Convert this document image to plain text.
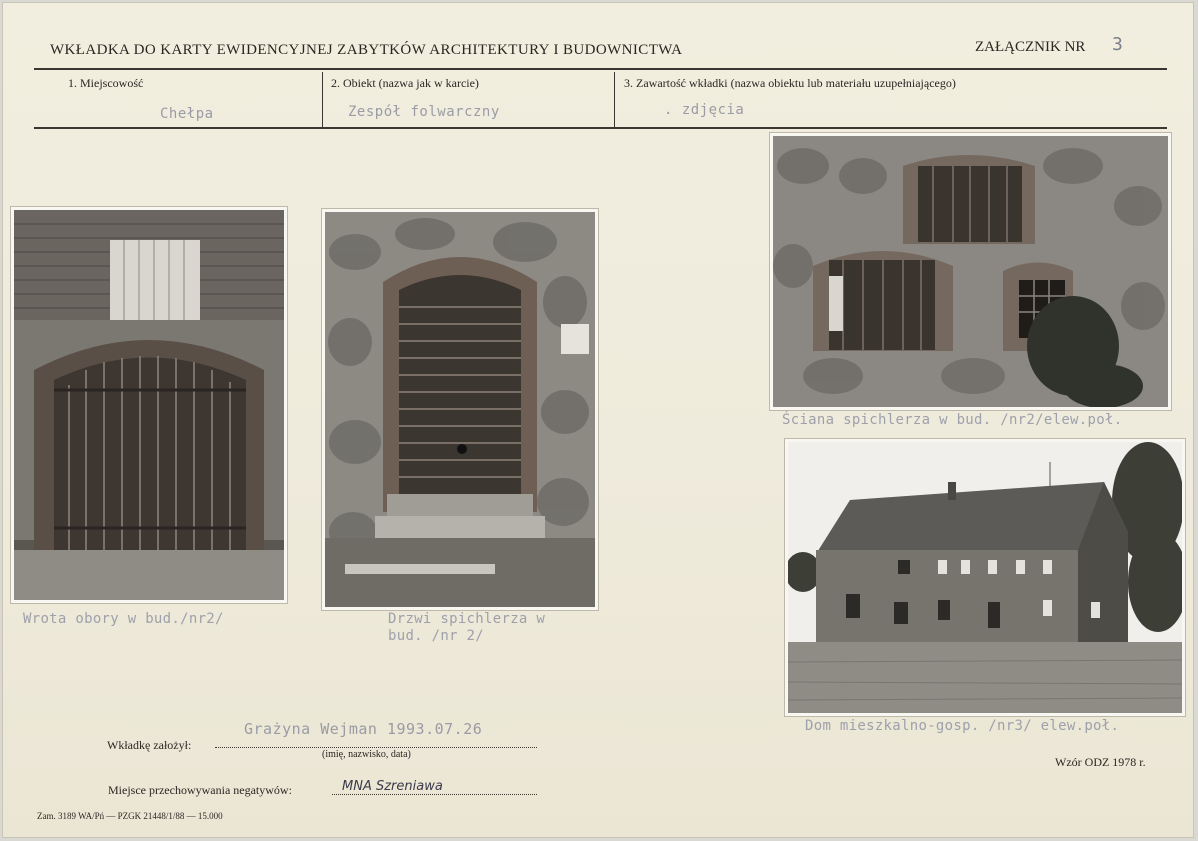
WKŁADKA DO KARTY EWIDENCYJNEJ ZABYTKÓW ARCHITEKTURY I BUDOWNICTWA	ZAŁĄCZNIK NR 3
1. Miejscowość
Chełpa
2. Obiekt (nazwa jak w karcie)
Zespół folwarczny
3. Zawartość wkładki (nazwa obiektu lub materiału uzupełniającego)
. zdjęcia
Wrota obory w bud./nr2/	Drzwi spichlerza w bud. /nr 2/
Ściana spichlerza w bud. /nr2/elew.poł.
Dom mieszkalno-gosp. /nr3/ elew.poł.
Wkładkę założył:
Grażyna Wejman 1993.07.26
(imię, nazwisko, data)
Wzór ODZ 1978 r.
Miejsce przechowywania negatywów:	MNA Szreniawa
Zam. 3189 WA/Pń — PZGK 21448/1/88 — 15.000
